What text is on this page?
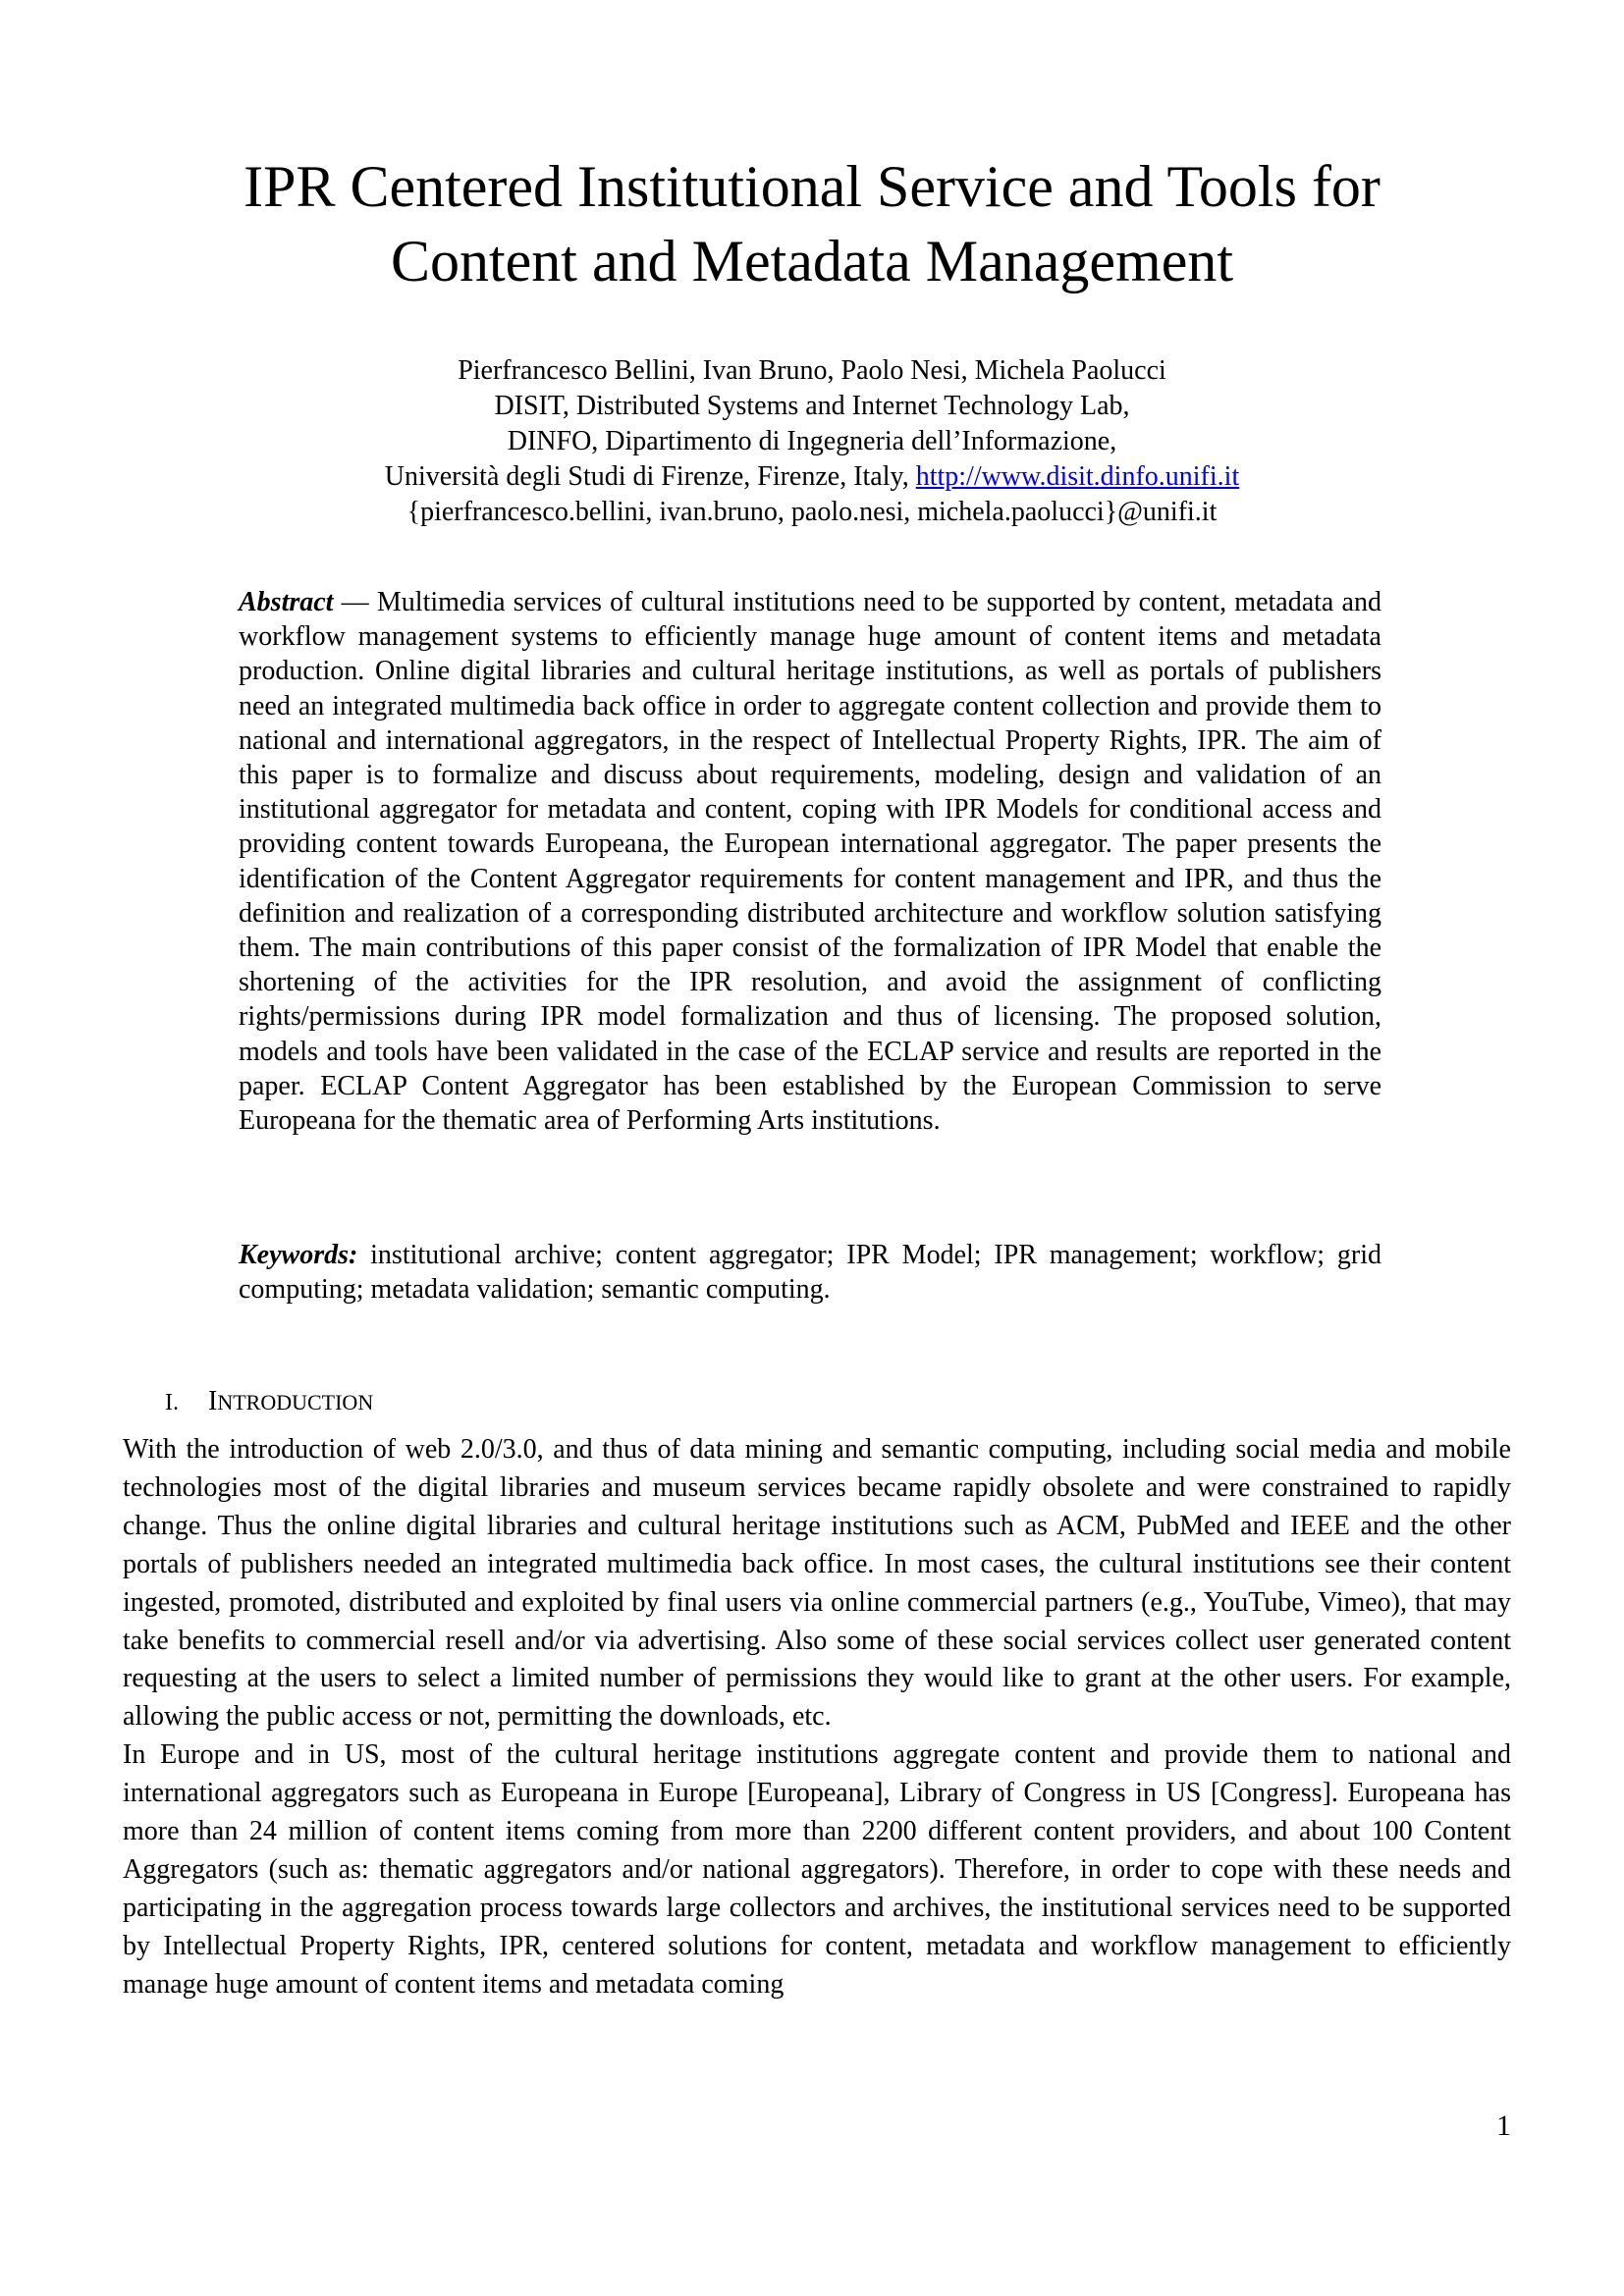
IPR Centered Institutional Service and Tools for
Content and Metadata Management
Pierfrancesco Bellini, Ivan Bruno, Paolo Nesi, Michela Paolucci
DISIT, Distributed Systems and Internet Technology Lab,
DINFO, Dipartimento di Ingegneria dell’Informazione,
Università degli Studi di Firenze, Firenze, Italy, http://www.disit.dinfo.unifi.it
{pierfrancesco.bellini, ivan.bruno, paolo.nesi, michela.paolucci}@unifi.it

Abstract — Multimedia services of cultural institutions need to be supported by content, metadata and workflow management systems to efficiently manage huge amount of content items and metadata production. Online digital libraries and cultural heritage institutions, as well as portals of publishers need an integrated multimedia back office in order to aggregate content collection and provide them to national and international aggregators, in the respect of Intellectual Property Rights, IPR. The aim of this paper is to formalize and discuss about requirements, modeling, design and validation of an institutional aggregator for metadata and content, coping with IPR Models for conditional access and providing content towards Europeana, the European international aggregator. The paper presents the identification of the Content Aggregator requirements for content management and IPR, and thus the definition and realization of a corresponding distributed architecture and workflow solution satisfying them. The main contributions of this paper consist of the formalization of IPR Model that enable the shortening of the activities for the IPR resolution, and avoid the assignment of conflicting rights/permissions during IPR model formalization and thus of licensing. The proposed solution, models and tools have been validated in the case of the ECLAP service and results are reported in the paper. ECLAP Content Aggregator has been established by the European Commission to serve Europeana for the thematic area of Performing Arts institutions.

Keywords: institutional archive; content aggregator; IPR Model; IPR management; workflow; grid computing; metadata validation; semantic computing.

I. INTRODUCTION

With the introduction of web 2.0/3.0, and thus of data mining and semantic computing, including social media and mobile technologies most of the digital libraries and museum services became rapidly obsolete and were constrained to rapidly change. Thus the online digital libraries and cultural heritage institutions such as ACM, PubMed and IEEE and the other portals of publishers needed an integrated multimedia back office. In most cases, the cultural institutions see their content ingested, promoted, distributed and exploited by final users via online commercial partners (e.g., YouTube, Vimeo), that may take benefits to commercial resell and/or via advertising. Also some of these social services collect user generated content requesting at the users to select a limited number of permissions they would like to grant at the other users. For example, allowing the public access or not, permitting the downloads, etc.

In Europe and in US, most of the cultural heritage institutions aggregate content and provide them to national and international aggregators such as Europeana in Europe [Europeana], Library of Congress in US [Congress]. Europeana has more than 24 million of content items coming from more than 2200 different content providers, and about 100 Content Aggregators (such as: thematic aggregators and/or national aggregators). Therefore, in order to cope with these needs and participating in the aggregation process towards large collectors and archives, the institutional services need to be supported by Intellectual Property Rights, IPR, centered solutions for content, metadata and workflow management to efficiently manage huge amount of content items and metadata coming

1
